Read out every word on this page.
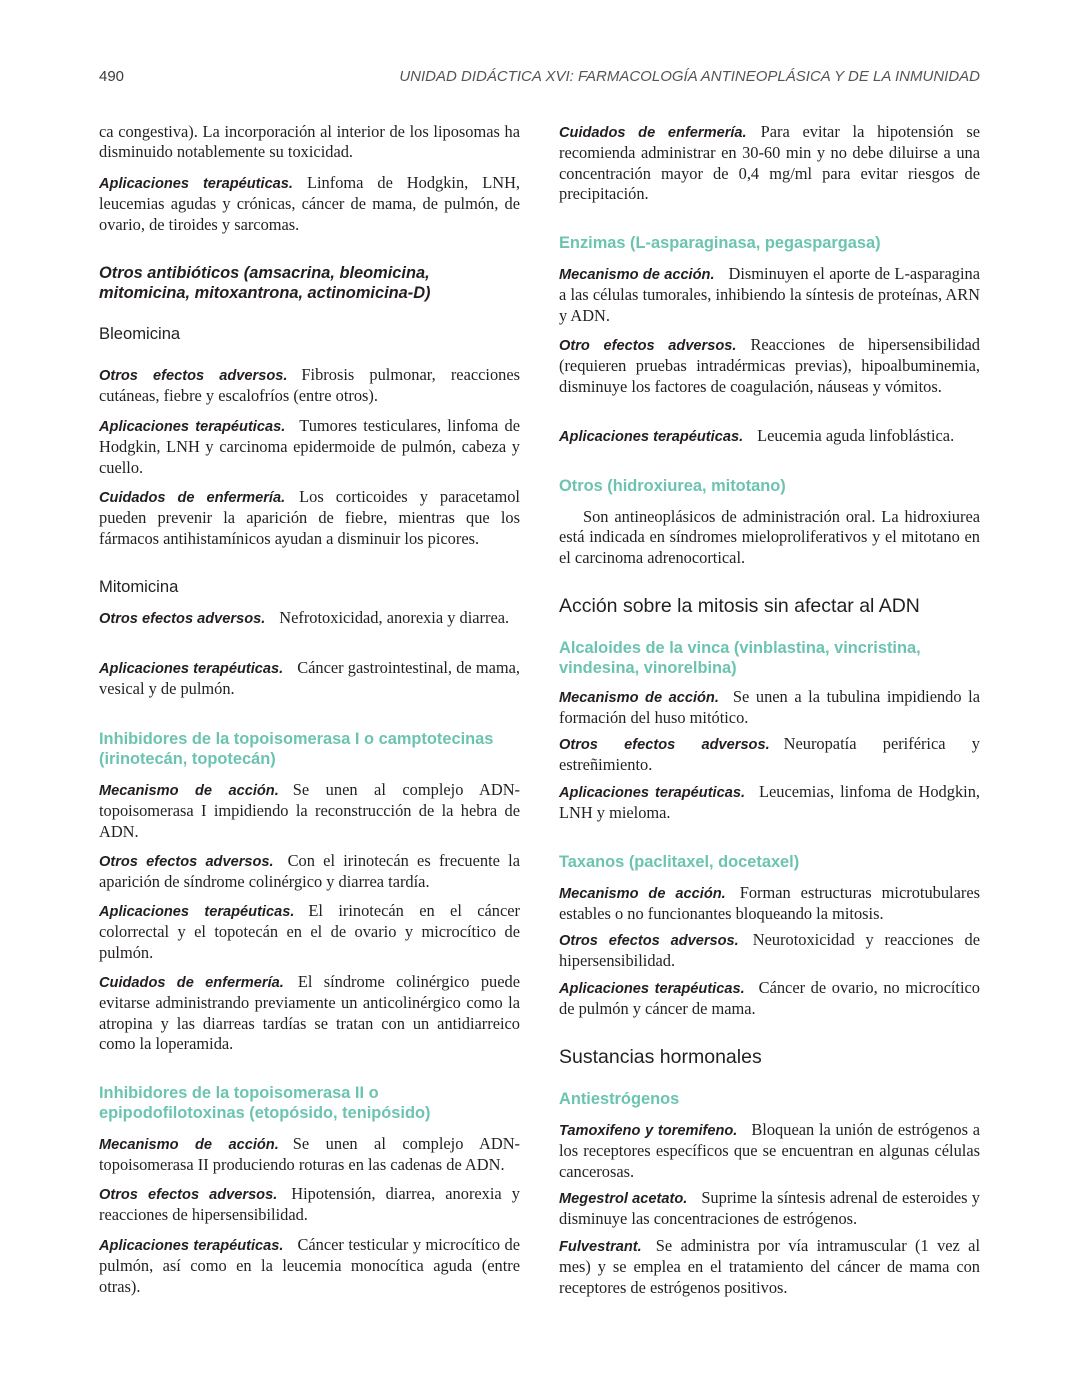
490	UNIDAD DIDÁCTICA XVI: FARMACOLOGÍA ANTINEOPLÁSICA Y DE LA INMUNIDAD
ca congestiva). La incorporación al interior de los liposomas ha disminuido notablemente su toxicidad.
Aplicaciones terapéuticas. Linfoma de Hodgkin, LNH, leucemias agudas y crónicas, cáncer de mama, de pulmón, de ovario, de tiroides y sarcomas.
Otros antibióticos (amsacrina, bleomicina, mitomicina, mitoxantrona, actinomicina-D)
Bleomicina
Otros efectos adversos. Fibrosis pulmonar, reacciones cutáneas, fiebre y escalofríos (entre otros).
Aplicaciones terapéuticas. Tumores testiculares, linfoma de Hodgkin, LNH y carcinoma epidermoide de pulmón, cabeza y cuello.
Cuidados de enfermería. Los corticoides y paracetamol pueden prevenir la aparición de fiebre, mientras que los fármacos antihistamínicos ayudan a disminuir los picores.
Mitomicina
Otros efectos adversos. Nefrotoxicidad, anorexia y diarrea.
Aplicaciones terapéuticas. Cáncer gastrointestinal, de mama, vesical y de pulmón.
Inhibidores de la topoisomerasa I o camptotecinas (irinotecán, topotecán)
Mecanismo de acción. Se unen al complejo ADN-topoisomerasa I impidiendo la reconstrucción de la hebra de ADN.
Otros efectos adversos. Con el irinotecán es frecuente la aparición de síndrome colinérgico y diarrea tardía.
Aplicaciones terapéuticas. El irinotecán en el cáncer colorrectal y el topotecán en el de ovario y microcítico de pulmón.
Cuidados de enfermería. El síndrome colinérgico puede evitarse administrando previamente un anticolinérgico como la atropina y las diarreas tardías se tratan con un antidiarreico como la loperamida.
Inhibidores de la topoisomerasa II o epipodofilotoxinas (etopósido, tenipósido)
Mecanismo de acción. Se unen al complejo ADN-topoisomerasa II produciendo roturas en las cadenas de ADN.
Otros efectos adversos. Hipotensión, diarrea, anorexia y reacciones de hipersensibilidad.
Aplicaciones terapéuticas. Cáncer testicular y microcítico de pulmón, así como en la leucemia monocítica aguda (entre otras).
Cuidados de enfermería. Para evitar la hipotensión se recomienda administrar en 30-60 min y no debe diluirse a una concentración mayor de 0,4 mg/ml para evitar riesgos de precipitación.
Enzimas (L-asparaginasa, pegaspargasa)
Mecanismo de acción. Disminuyen el aporte de L-asparagina a las células tumorales, inhibiendo la síntesis de proteínas, ARN y ADN.
Otro efectos adversos. Reacciones de hipersensibilidad (requieren pruebas intradérmicas previas), hipoalbuminemia, disminuye los factores de coagulación, náuseas y vómitos.
Aplicaciones terapéuticas. Leucemia aguda linfoblástica.
Otros (hidroxiurea, mitotano)
Son antineoplásicos de administración oral. La hidroxiurea está indicada en síndromes mieloproliferativos y el mitotano en el carcinoma adrenocortical.
Acción sobre la mitosis sin afectar al ADN
Alcaloides de la vinca (vinblastina, vincristina, vindesina, vinorelbina)
Mecanismo de acción. Se unen a la tubulina impidiendo la formación del huso mitótico.
Otros efectos adversos. Neuropatía periférica y estreñimiento.
Aplicaciones terapéuticas. Leucemias, linfoma de Hodgkin, LNH y mieloma.
Taxanos (paclitaxel, docetaxel)
Mecanismo de acción. Forman estructuras microtubulares estables o no funcionantes bloqueando la mitosis.
Otros efectos adversos. Neurotoxicidad y reacciones de hipersensibilidad.
Aplicaciones terapéuticas. Cáncer de ovario, no microcítico de pulmón y cáncer de mama.
Sustancias hormonales
Antiestrógenos
Tamoxifeno y toremifeno. Bloquean la unión de estrógenos a los receptores específicos que se encuentran en algunas células cancerosas.
Megestrol acetato. Suprime la síntesis adrenal de esteroides y disminuye las concentraciones de estrógenos.
Fulvestrant. Se administra por vía intramuscular (1 vez al mes) y se emplea en el tratamiento del cáncer de mama con receptores de estrógenos positivos.
